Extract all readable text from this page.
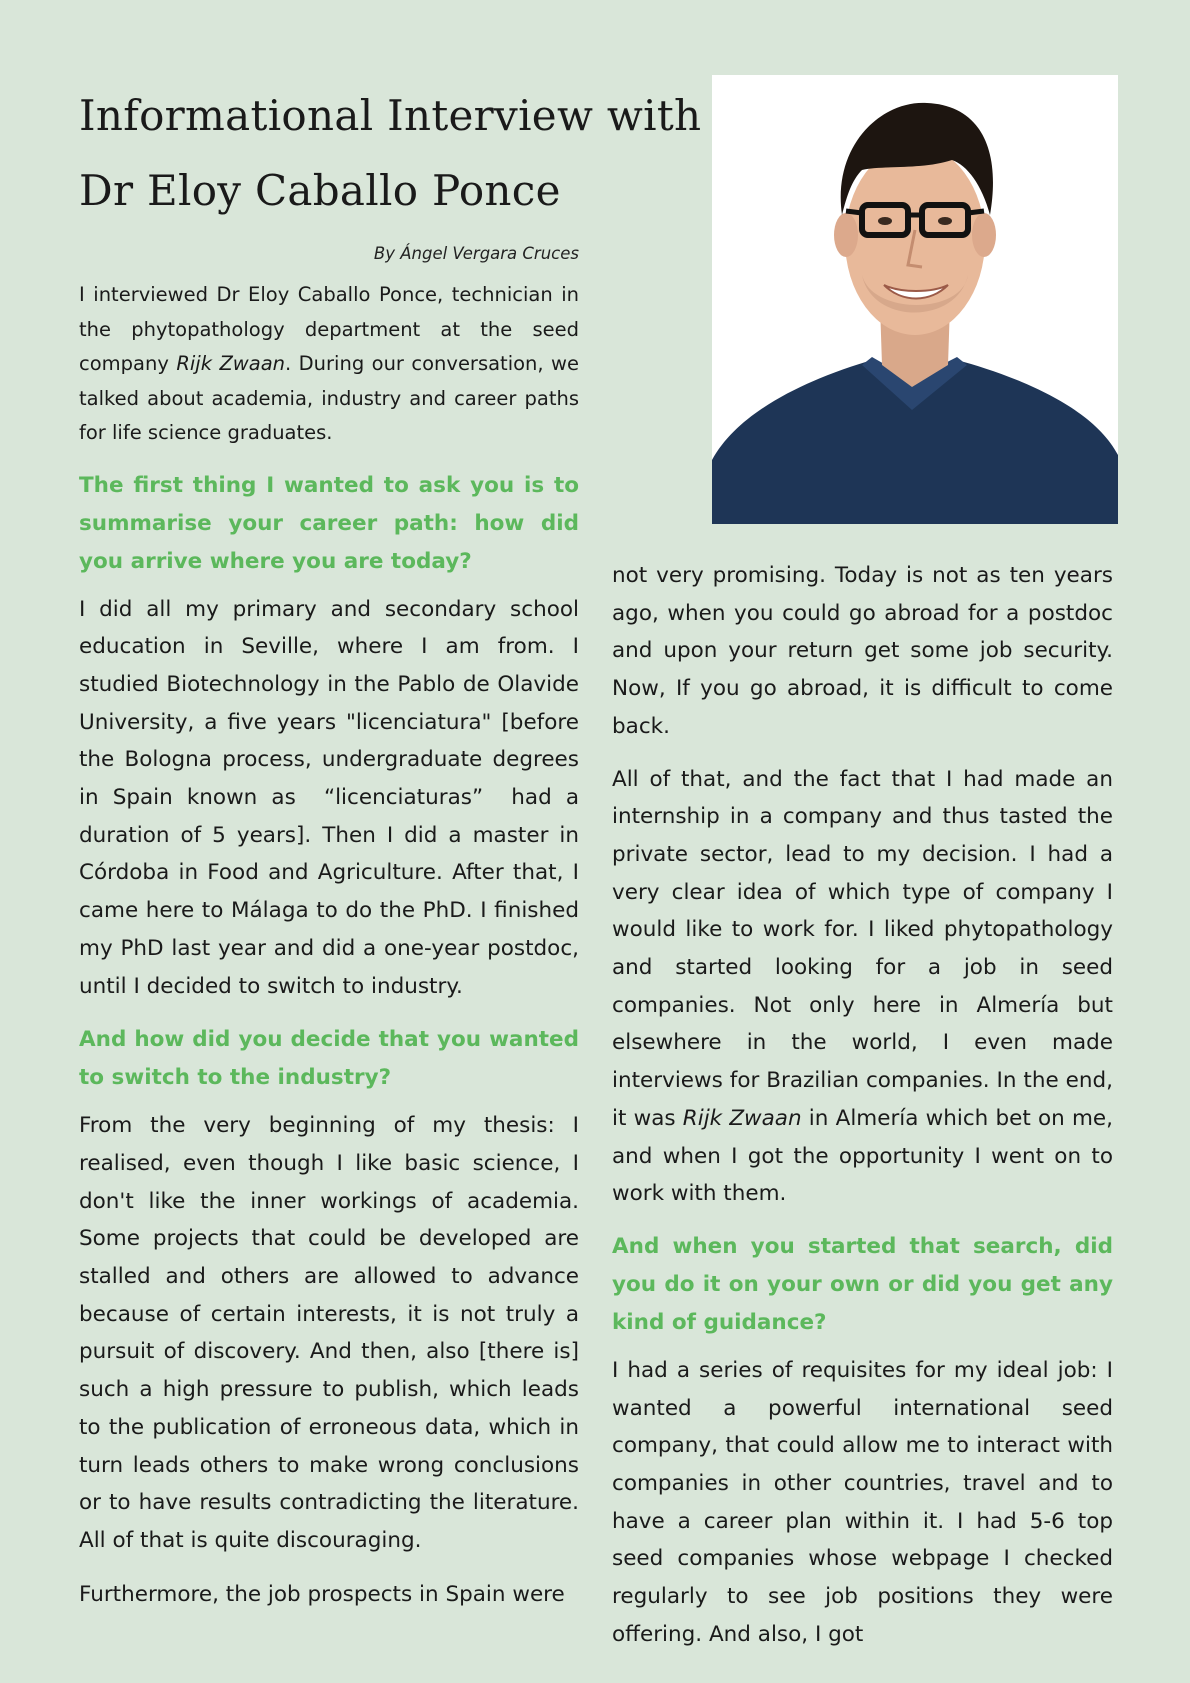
Informational Interview with
Dr Eloy Caballo Ponce
By Ángel Vergara Cruces

I interviewed Dr Eloy Caballo Ponce, technician in the phytopathology department at the seed company Rijk Zwaan. During our conversation, we talked about academia, industry and career paths for life science graduates.

The first thing I wanted to ask you is to summarise your career path: how did you arrive where you are today?

I did all my primary and secondary school education in Seville, where I am from. I studied Biotechnology in the Pablo de Olavide University, a five years "licenciatura" [before the Bologna process, undergraduate degrees in Spain known as  “licenciaturas”  had a duration of 5 years]. Then I did a master in Córdoba in Food and Agriculture. After that, I came here to Málaga to do the PhD. I finished my PhD last year and did a one-year postdoc, until I decided to switch to industry.

And how did you decide that you wanted to switch to the industry?

From the very beginning of my thesis: I realised, even though I like basic science, I don't like the inner workings of academia. Some projects that could be developed are stalled and others are allowed to advance because of certain interests, it is not truly a pursuit of discovery. And then, also [there is] such a high pressure to publish, which leads to the publication of erroneous data, which in turn leads others to make wrong conclusions or to have results contradicting the literature. All of that is quite discouraging.

Furthermore, the job prospects in Spain were

not very promising. Today is not as ten years ago, when you could go abroad for a postdoc and upon your return get some job security. Now, If you go abroad, it is difficult to come back.

All of that, and the fact that I had made an internship in a company and thus tasted the private sector, lead to my decision. I had a very clear idea of which type of company I would like to work for. I liked phytopathology and started looking for a job in seed companies. Not only here in Almería but elsewhere in the world, I even made interviews for Brazilian companies. In the end, it was Rijk Zwaan in Almería which bet on me, and when I got the opportunity I went on to work with them.

And when you started that search, did you do it on your own or did you get any kind of guidance?

I had a series of requisites for my ideal job: I wanted a powerful international seed company, that could allow me to interact with companies in other countries, travel and to have a career plan within it. I had 5-6 top seed companies whose webpage I checked regularly to see job positions they were offering. And also, I got
